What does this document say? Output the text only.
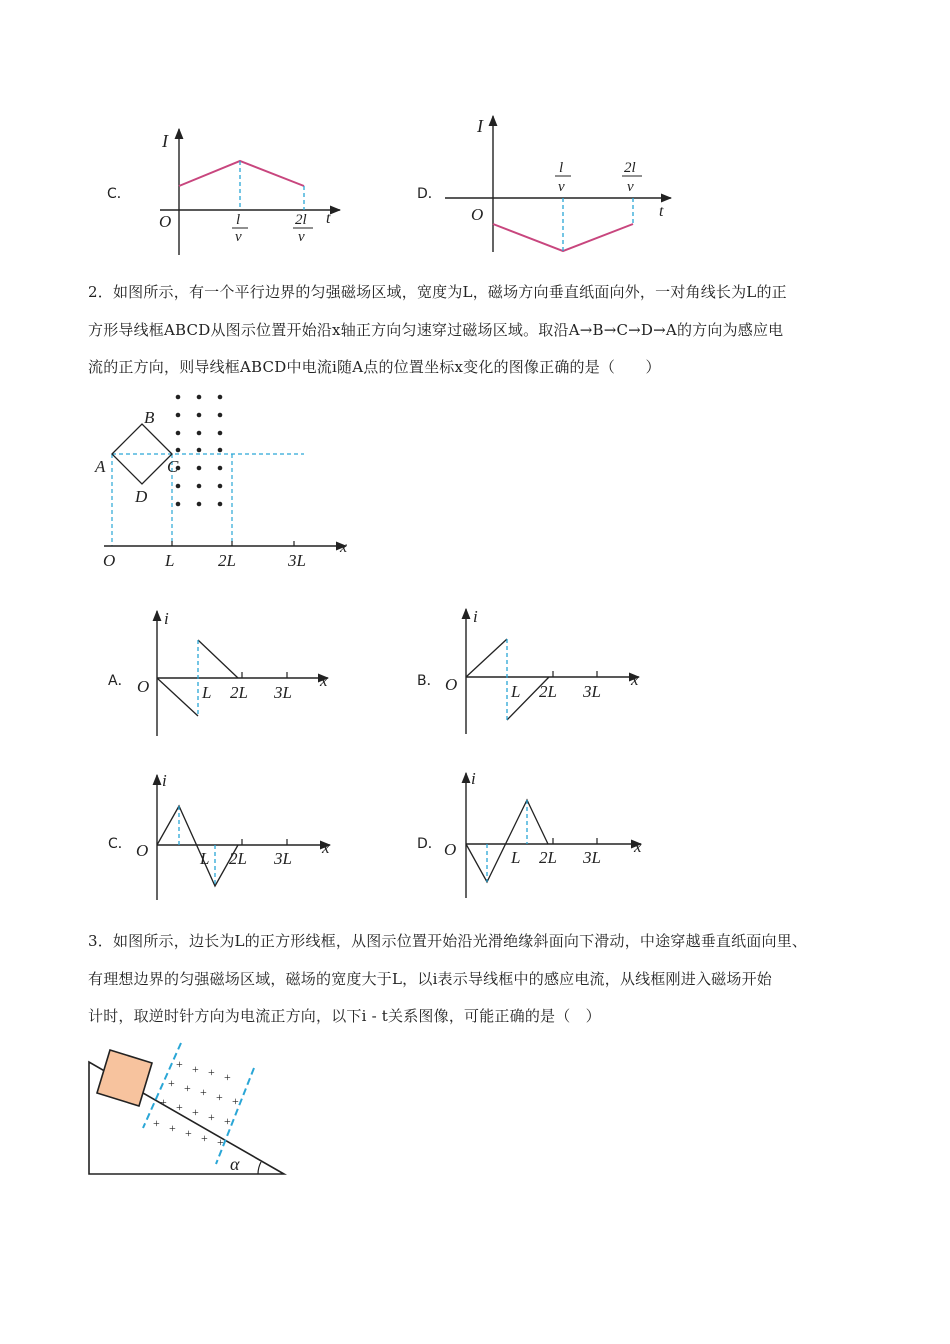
C．
I
O	t
l
v
2l
v
D．
I
O	t
l
v
2l
v
2．如图所示，有一个平行边界的匀强磁场区域，宽度为L，磁场方向垂直纸面向外，一对角线长为L的正
方形导线框ABCD从图示位置开始沿x轴正方向匀速穿过磁场区域。取沿A→B→C→D→A的方向为感应电
流的正方向，则导线框ABCD中电流i随A点的位置坐标x变化的图像正确的是（　　）
A
B
C
D
x
O	L	2L	3L
A．
i
O	L 2L 3L
x	B．
i
O	L 2L 3L
x
C．
i
O	L 2L 3L
x	D．
i
O	L 2L 3L
x
3．如图所示，边长为L的正方形线框，从图示位置开始沿光滑绝缘斜面向下滑动，中途穿越垂直纸面向里、
有理想边界的匀强磁场区域，磁场的宽度大于L，以i表示导线框中的感应电流，从线框刚进入磁场开始
计时，取逆时针方向为电流正方向，以下i - t关系图像，可能正确的是（　）
α
+ + + +
+ + + + +
+ + + + +
+ + + + +
